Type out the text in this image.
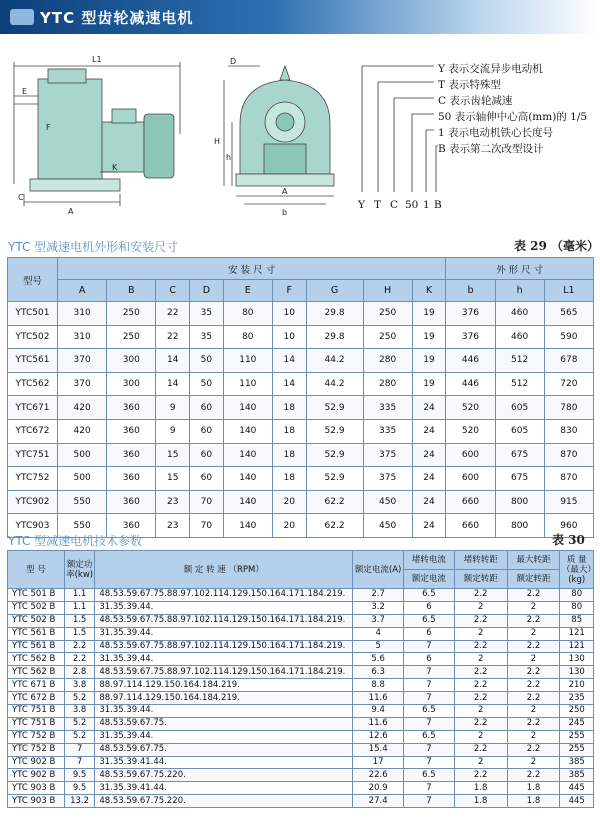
YTC 型齿轮减速电机
L1
E
F
C
A
K
D
H
h
A
b
Y T C 50 1 B
Y 表示交流异步电动机
T 表示特殊型
C 表示齿轮减速
50 表示轴伸中心高(mm)的 1/5
1 表示电动机铁心长度号
B 表示第二次改型设计
YTC 型减速电机外形和安装尺寸	表 29 （毫米）
型号	安 装 尺 寸									外 形 尺 寸		
	A	B	C	D	E	F	G	H	K	b	h	L1
YTC501	310	250	22	35	80	10	29.8	250	19	376	460	565
YTC502	310	250	22	35	80	10	29.8	250	19	376	460	590
YTC561	370	300	14	50	110	14	44.2	280	19	446	512	678
YTC562	370	300	14	50	110	14	44.2	280	19	446	512	720
YTC671	420	360	9	60	140	18	52.9	335	24	520	605	780
YTC672	420	360	9	60	140	18	52.9	335	24	520	605	830
YTC751	500	360	15	60	140	18	52.9	375	24	600	675	870
YTC752	500	360	15	60	140	18	52.9	375	24	600	675	870
YTC902	550	360	23	70	140	20	62.2	450	24	660	800	915
YTC903	550	360	23	70	140	20	62.2	450	24	660	800	960
YTC 型减速电机技术参数	表 30
型 号	额定功率(kw)	额 定 转 速 （RPM）	额定电流(A)	堵转电流	堵转转距	最大转距	质 量（最大）(kg)
				额定电流	额定转距	额定转距	
YTC 501 B	1.1	48.53.59.67.75.88.97.102.114.129.150.164.171.184.219.	2.7	6.5	2.2	2.2	80
YTC 502 B	1.1	31.35.39.44.	3.2	6	2	2	80
YTC 502 B	1.5	48.53.59.67.75.88.97.102.114.129.150.164.171.184.219.	3.7	6.5	2.2	2.2	85
YTC 561 B	1.5	31.35.39.44.	4	6	2	2	121
YTC 561 B	2.2	48.53.59.67.75.88.97.102.114.129.150.164.171.184.219.	5	7	2.2	2.2	121
YTC 562 B	2.2	31.35.39.44.	5.6	6	2	2	130
YTC 562 B	2.8	48.53.59.67.75.88.97.102.114.129.150.164.171.184.219.	6.3	7	2.2	2.2	130
YTC 671 B	3.8	88.97.114.129.150.164.184.219.	8.8	7	2.2	2.2	210
YTC 672 B	5.2	88.97.114.129.150.164.184.219.	11.6	7	2.2	2.2	235
YTC 751 B	3.8	31.35.39.44.	9.4	6.5	2	2	250
YTC 751 B	5.2	48.53.59.67.75.	11.6	7	2.2	2.2	245
YTC 752 B	5.2	31.35.39.44.	12.6	6.5	2	2	255
YTC 752 B	7	48.53.59.67.75.	15.4	7	2.2	2.2	255
YTC 902 B	7	31.35.39.41.44.	17	7	2	2	385
YTC 902 B	9.5	48.53.59.67.75.220.	22.6	6.5	2.2	2.2	385
YTC 903 B	9.5	31.35.39.41.44.	20.9	7	1.8	1.8	445
YTC 903 B	13.2	48.53.59.67.75.220.	27.4	7	1.8	1.8	445
